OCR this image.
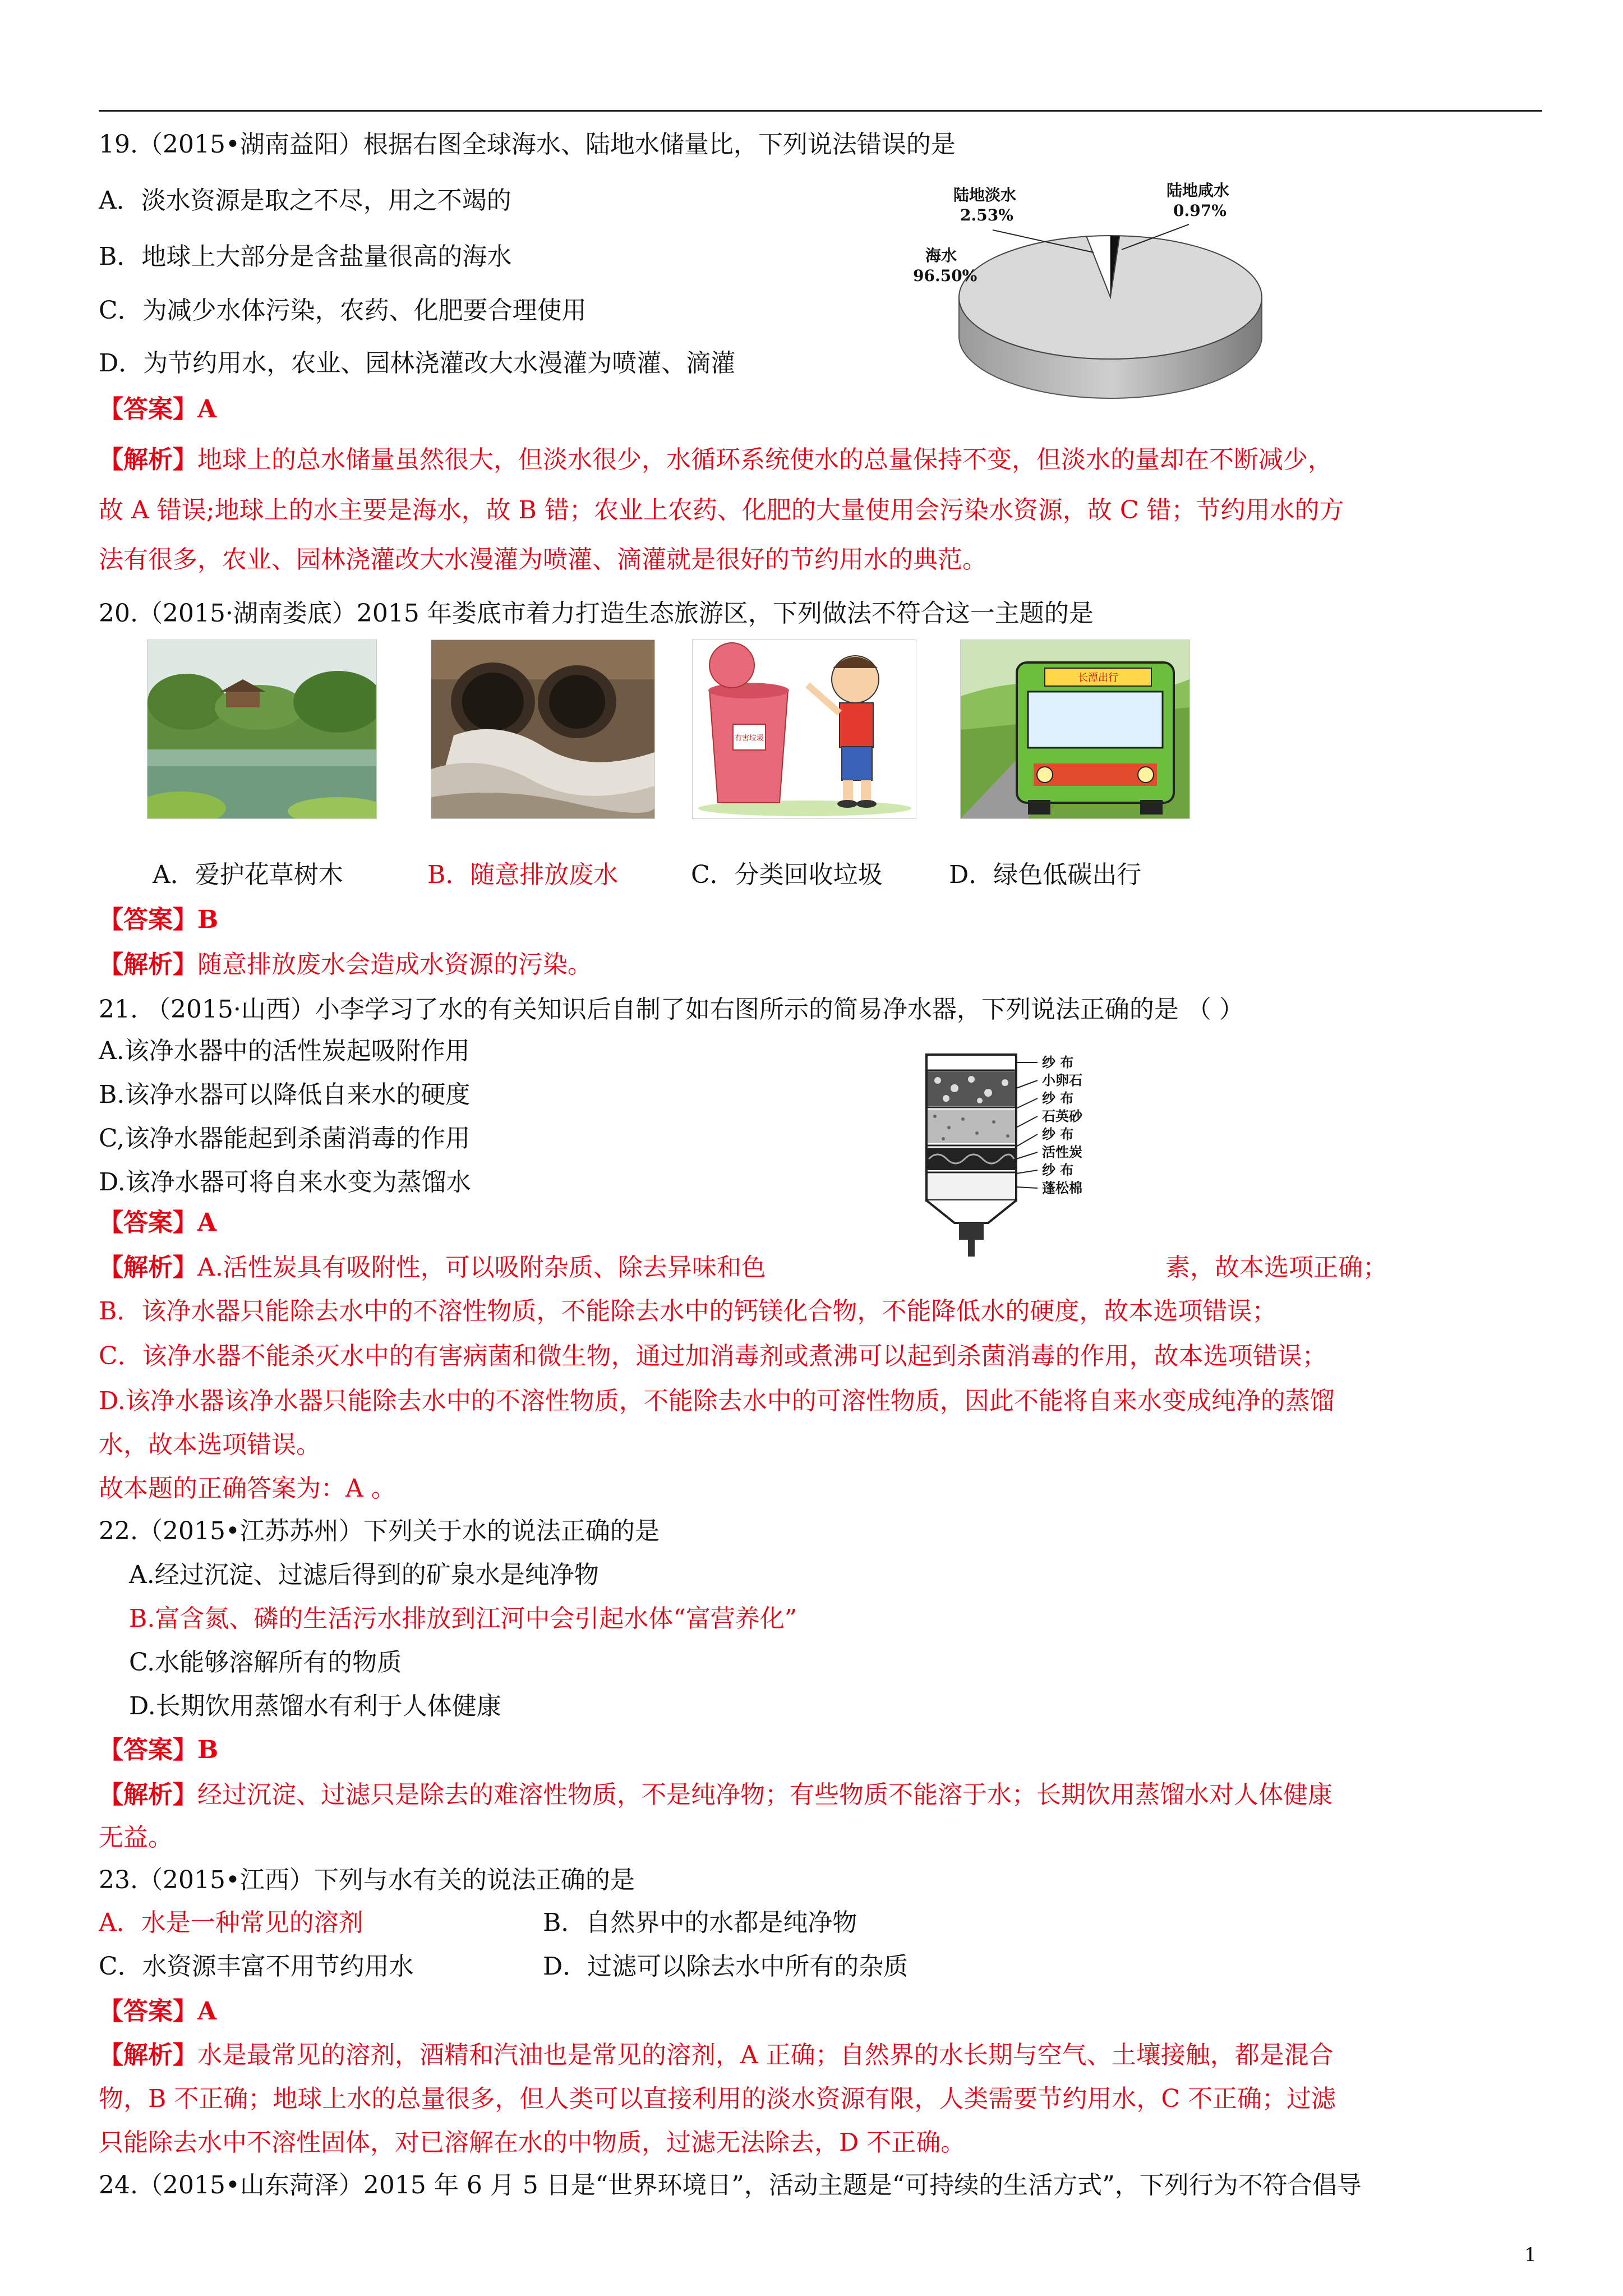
19.（2015•湖南益阳）根据右图全球海水、陆地水储量比，下列说法错误的是
A．淡水资源是取之不尽，用之不竭的
B．地球上大部分是含盐量很高的海水
C．为减少水体污染，农药、化肥要合理使用
D．为节约用水，农业、园林浇灌改大水漫灌为喷灌、滴灌
陆地淡水
2.53%
陆地咸水
0.97%
海水
96.50%
【答案】A
【解析】地球上的总水储量虽然很大，但淡水很少，水循环系统使水的总量保持不变，但淡水的量却在不断减少，
故 A 错误;地球上的水主要是海水，故 B 错；农业上农药、化肥的大量使用会污染水资源，故 C 错；节约用水的方
法有很多，农业、园林浇灌改大水漫灌为喷灌、滴灌就是很好的节约用水的典范。
20.（2015·湖南娄底）2015 年娄底市着力打造生态旅游区，下列做法不符合这一主题的是
有害垃圾
长潭出行
A．爱护花草树木	B．随意排放废水	C．分类回收垃圾	D．绿色低碳出行
【答案】B
【解析】随意排放废水会造成水资源的污染。
21. （2015·山西）小李学习了水的有关知识后自制了如右图所示的简易净水器，下列说法正确的是 （ ）
A.该净水器中的活性炭起吸附作用
B.该净水器可以降低自来水的硬度
C,该净水器能起到杀菌消毒的作用
D.该净水器可将自来水变为蒸馏水
纱 布
小卵石
纱 布
石英砂
纱 布
活性炭
纱 布
蓬松棉
【答案】A
【解析】A.活性炭具有吸附性，可以吸附杂质、除去异味和色	素，故本选项正确；
B．该净水器只能除去水中的不溶性物质，不能除去水中的钙镁化合物，不能降低水的硬度，故本选项错误；
C．该净水器不能杀灭水中的有害病菌和微生物，通过加消毒剂或煮沸可以起到杀菌消毒的作用，故本选项错误；
D.该净水器该净水器只能除去水中的不溶性物质，不能除去水中的可溶性物质，因此不能将自来水变成纯净的蒸馏
水，故本选项错误。
故本题的正确答案为：A 。
22.（2015•江苏苏州）下列关于水的说法正确的是
A.经过沉淀、过滤后得到的矿泉水是纯净物
B.富含氮、磷的生活污水排放到江河中会引起水体“富营养化”
C.水能够溶解所有的物质
D.长期饮用蒸馏水有利于人体健康
【答案】B
【解析】经过沉淀、过滤只是除去的难溶性物质，不是纯净物；有些物质不能溶于水；长期饮用蒸馏水对人体健康
无益。
23.（2015•江西）下列与水有关的说法正确的是
A．水是一种常见的溶剂	B．自然界中的水都是纯净物
C．水资源丰富不用节约用水	D．过滤可以除去水中所有的杂质
【答案】A
【解析】水是最常见的溶剂，酒精和汽油也是常见的溶剂，A 正确；自然界的水长期与空气、土壤接触，都是混合
物，B 不正确；地球上水的总量很多，但人类可以直接利用的淡水资源有限，人类需要节约用水，C 不正确；过滤
只能除去水中不溶性固体，对已溶解在水的中物质，过滤无法除去，D 不正确。
24.（2015•山东菏泽）2015 年 6 月 5 日是“世界环境日”，活动主题是“可持续的生活方式”，下列行为不符合倡导
1
